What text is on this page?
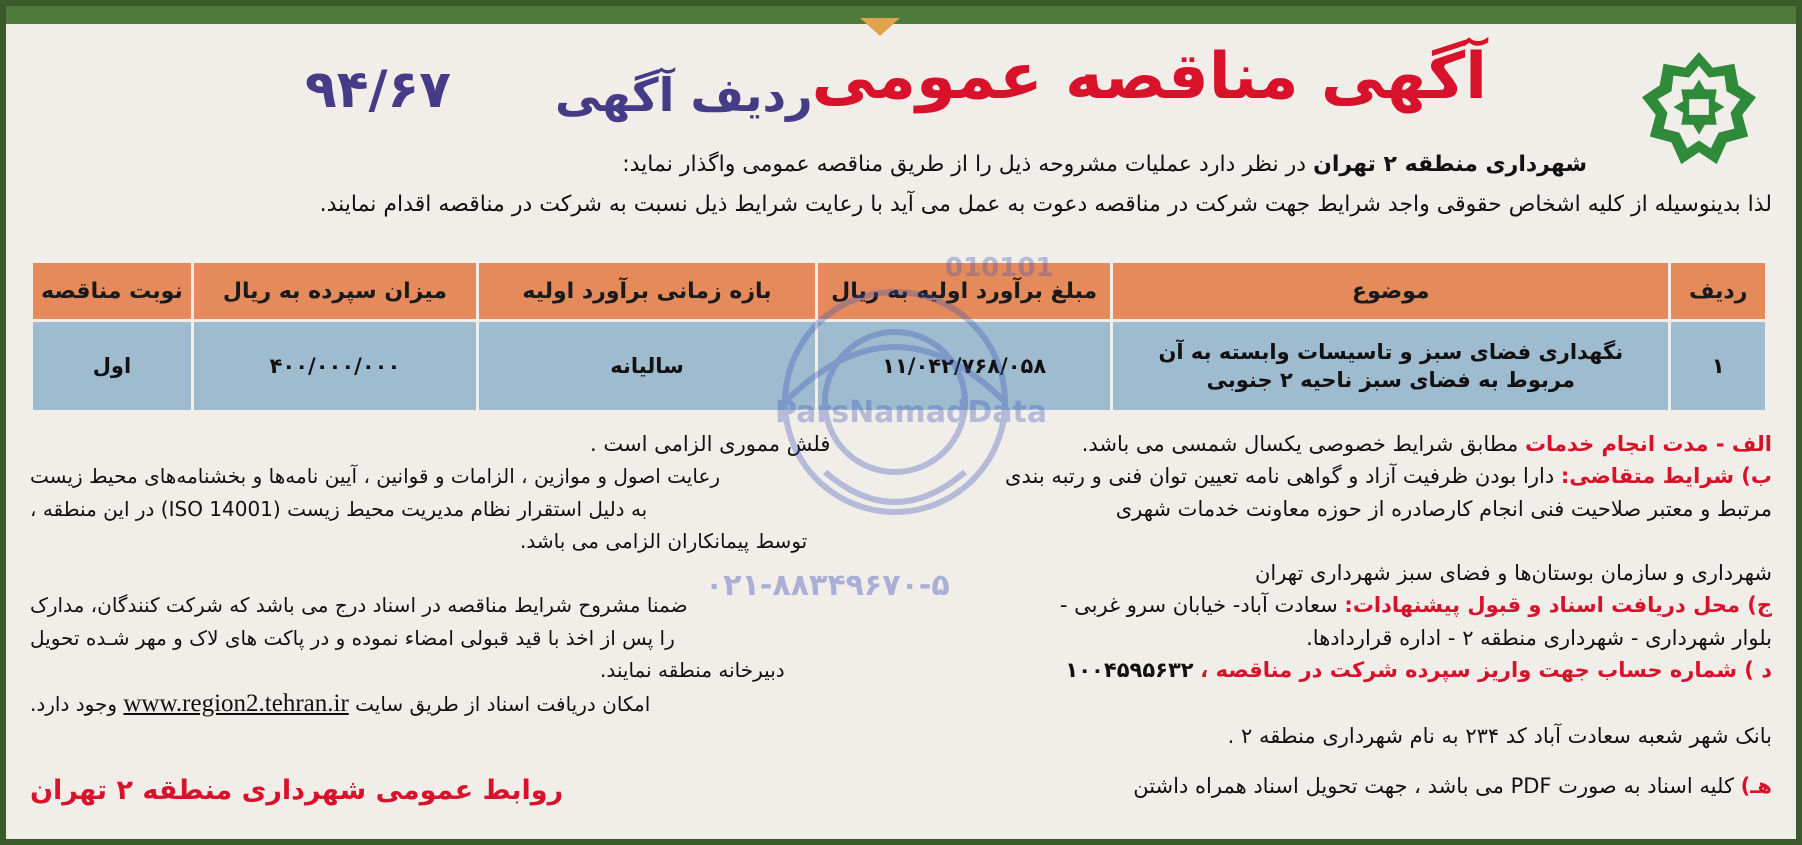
آگهی مناقصه عمومی
ردیف آگهی
۹۴/۶۷
شهرداری منطقه ۲ تهران در نظر دارد عملیات مشروحه ذیل را از طریق مناقصه عمومی واگذار نماید:
لذا بدینوسیله از کلیه اشخاص حقوقی واجد شرایط جهت شرکت در مناقصه دعوت به عمل می آید با رعایت شرایط ذیل نسبت به شرکت در مناقصه اقدام نمایند.
ردیف	موضوع	مبلغ برآورد اولیه به ریال	بازه زمانی برآورد اولیه	میزان سپرده به ریال	نوبت مناقصه
۱	نگهداری فضای سبز و تاسیسات وابسته به آن
مربوط به فضای سبز ناحیه ۲ جنوبی	۱۱/۰۴۲/۷۶۸/۰۵۸	سالیانه	۴۰۰/۰۰۰/۰۰۰	اول
الف - مدت انجام خدمات مطابق شرایط خصوصی یکسال شمسی می باشد.
فلش مموری الزامی است .
ب) شرایط متقاضی: دارا بودن ظرفیت آزاد و گواهی نامه تعیین توان فنی و رتبه بندی
مرتبط و معتبر صلاحیت فنی انجام کارصادره از حوزه معاونت خدمات شهری
شهرداری و سازمان بوستان‌ها و فضای سبز شهرداری تهران
رعایت اصول و موازین ، الزامات و قوانین ، آیین نامه‌ها و بخشنامه‌های محیط زیست
به دلیل استقرار نظام مدیریت محیط زیست (ISO 14001) در این منطقه ،
توسط پیمانکاران الزامی می باشد.
ج) محل دریافت اسناد و قبول پیشنهادات: سعادت آباد- خیابان سرو غربی -
بلوار شهرداری - شهرداری منطقه ۲ - اداره قراردادها.
ضمنا مشروح شرایط مناقصه در اسناد درج می باشد که شرکت کنندگان، مدارک
را پس از اخذ با قید قبولی امضاء نموده و در پاکت های لاک و مهر شـده تحویل
دبیرخانه منطقه نمایند.
امکان دریافت اسناد از طریق سایت www.region2.tehran.ir وجود دارد.
د ) شماره حساب جهت واریز سپرده شرکت در مناقصه ، ۱۰۰۴۵۹۵۶۳۲
بانک شهر شعبه سعادت آباد کد ۲۳۴ به نام شهرداری منطقه ۲ .
هـ) کلیه اسناد به صورت PDF می باشد ، جهت تحویل اسناد همراه داشتن
روابط عمومی شهرداری منطقه ۲ تهران
010101
ParsNamadData
۰۲۱-۸۸۳۴۹۶۷۰-۵
